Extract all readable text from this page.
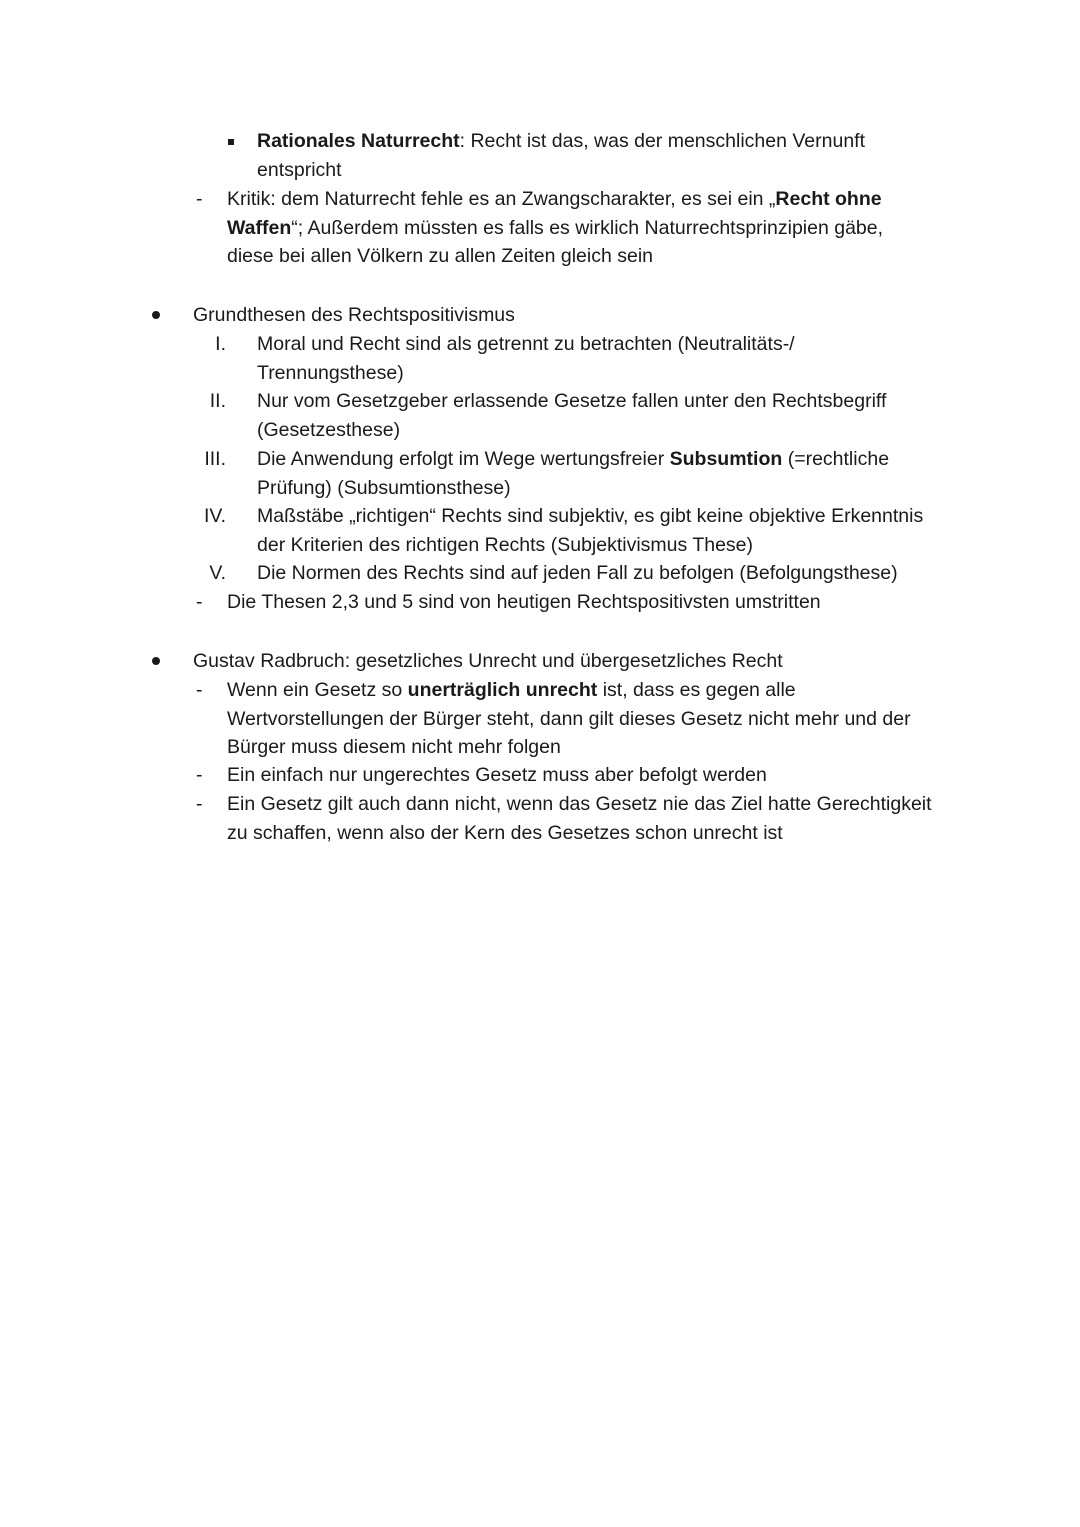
Rationales Naturrecht: Recht ist das, was der menschlichen Vernunft
entspricht
- Kritik: dem Naturrecht fehle es an Zwangscharakter, es sei ein „Recht ohne
Waffen“; Außerdem müssten es falls es wirklich Naturrechtsprinzipien gäbe,
diese bei allen Völkern zu allen Zeiten gleich sein
Grundthesen des Rechtspositivismus
I. Moral und Recht sind als getrennt zu betrachten (Neutralitäts-/
Trennungsthese)
II. Nur vom Gesetzgeber erlassende Gesetze fallen unter den Rechtsbegriff
(Gesetzesthese)
III. Die Anwendung erfolgt im Wege wertungsfreier Subsumtion (=rechtliche
Prüfung) (Subsumtionsthese)
IV. Maßstäbe „richtigen“ Rechts sind subjektiv, es gibt keine objektive Erkenntnis
der Kriterien des richtigen Rechts (Subjektivismus These)
V. Die Normen des Rechts sind auf jeden Fall zu befolgen (Befolgungsthese)
- Die Thesen 2,3 und 5 sind von heutigen Rechtspositivsten umstritten
Gustav Radbruch: gesetzliches Unrecht und übergesetzliches Recht
- Wenn ein Gesetz so unerträglich unrecht ist, dass es gegen alle
Wertvorstellungen der Bürger steht, dann gilt dieses Gesetz nicht mehr und der
Bürger muss diesem nicht mehr folgen
- Ein einfach nur ungerechtes Gesetz muss aber befolgt werden
- Ein Gesetz gilt auch dann nicht, wenn das Gesetz nie das Ziel hatte Gerechtigkeit
zu schaffen, wenn also der Kern des Gesetzes schon unrecht ist
